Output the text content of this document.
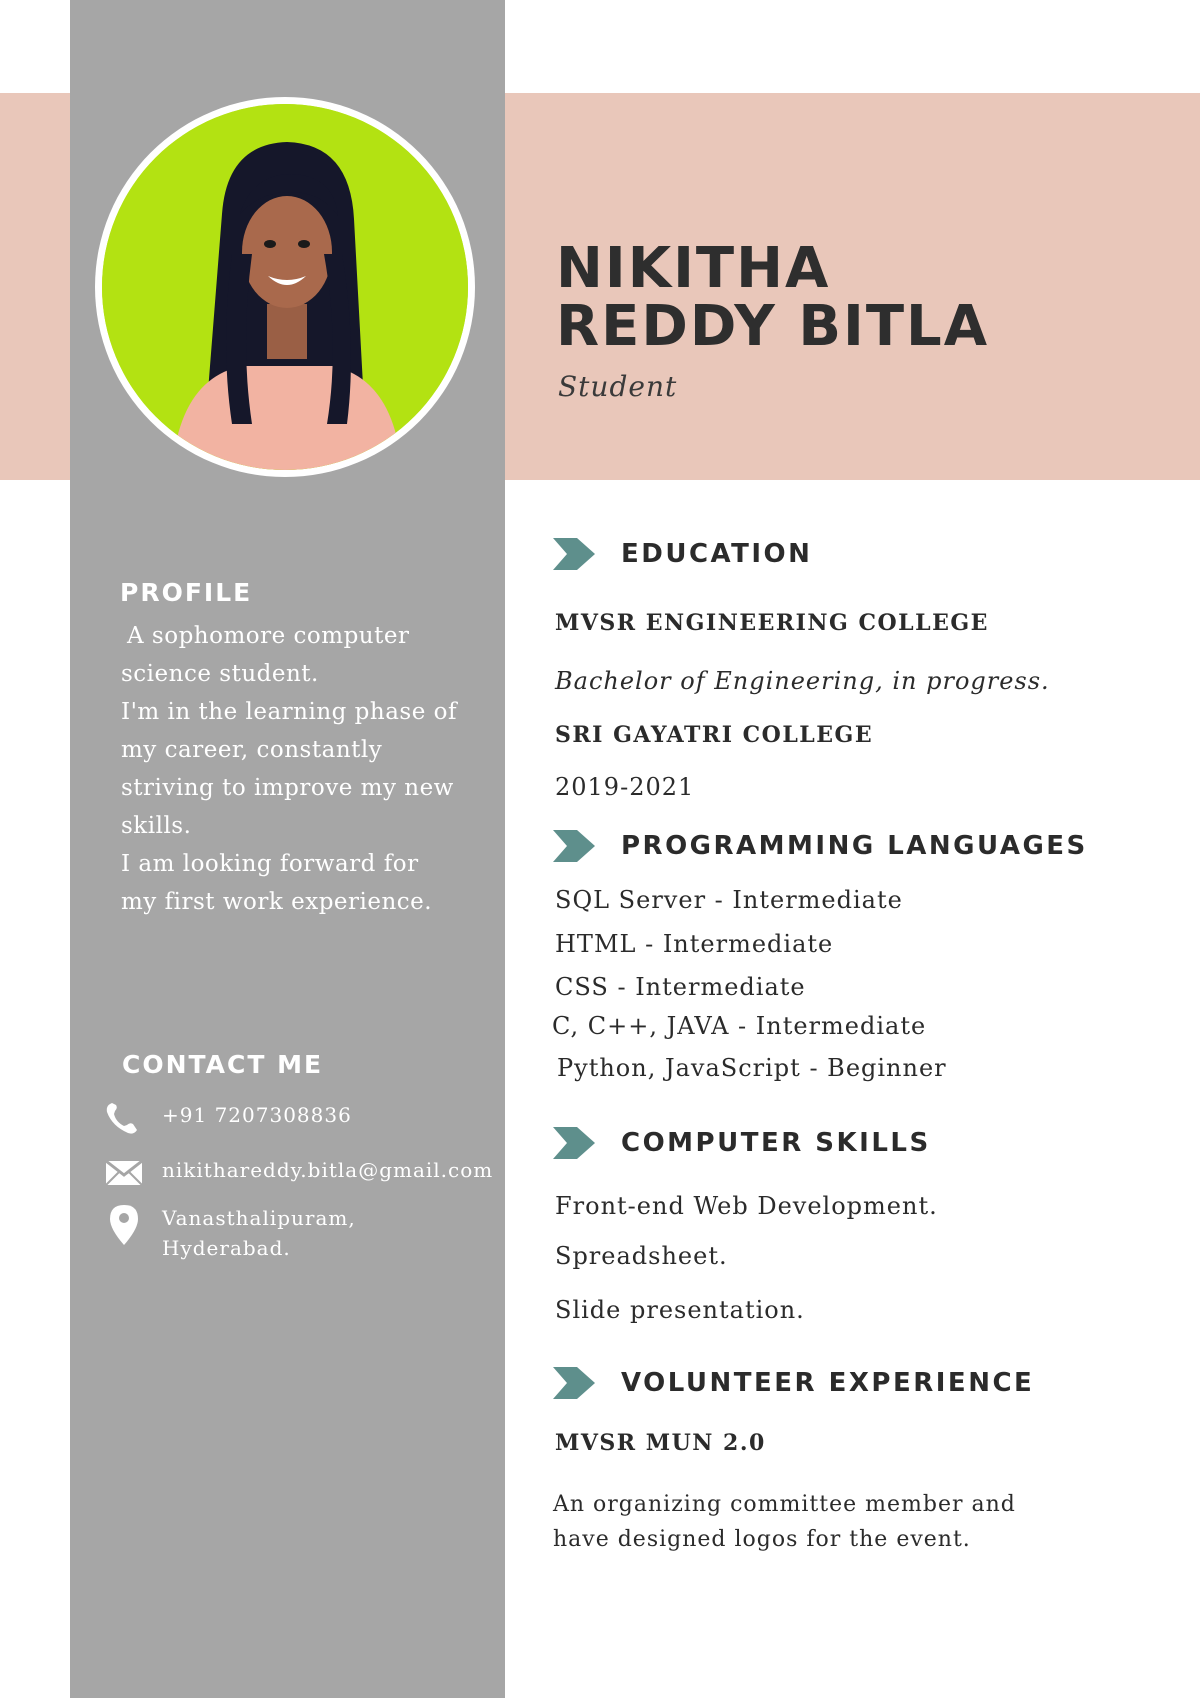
NIKITHA
REDDY BITLA
Student
PROFILE

A sophomore computer science student.

I'm in the learning phase of my career, constantly striving to improve my new skills.

I am looking forward for my first work experience.

CONTACT ME
+91 7207308836
nikithareddy.bitla@gmail.com
Vanasthalipuram,
Hyderabad.
EDUCATION
MVSR ENGINEERING COLLEGE
Bachelor of Engineering, in progress.
SRI GAYATRI COLLEGE
2019-2021
PROGRAMMING LANGUAGES
SQL Server - Intermediate
HTML - Intermediate
CSS - Intermediate
C, C++, JAVA - Intermediate
Python, JavaScript - Beginner
COMPUTER SKILLS
Front-end Web Development.
Spreadsheet.
Slide presentation.
VOLUNTEER EXPERIENCE
MVSR MUN 2.0
An organizing committee member and have designed logos for the event.
